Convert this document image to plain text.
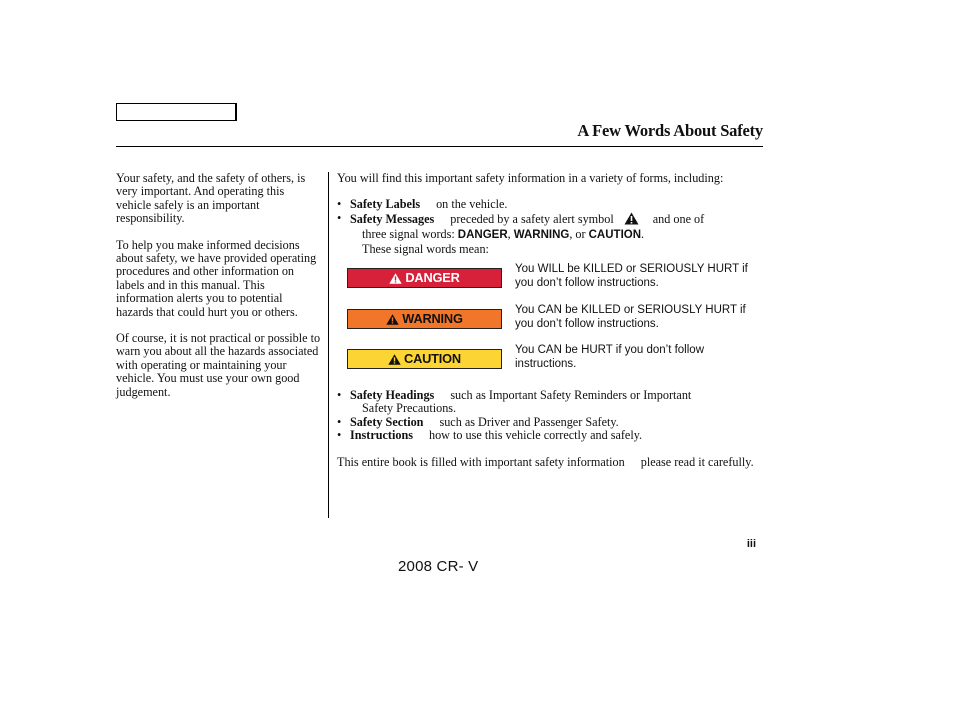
A Few Words About Safety

Your safety, and the safety of others, is very important. And operating this vehicle safely is an important responsibility.

To help you make informed decisions about safety, we have provided operating procedures and other information on labels and in this manual. This information alerts you to potential hazards that could hurt you or others.

Of course, it is not practical or possible to warn you about all the hazards associated with operating or maintaining your vehicle. You must use your own good judgement.

You will find this important safety information in a variety of forms, including:

• Safety Labels on the vehicle.
• Safety Messages preceded by a safety alert symbol	and one of
three signal words: DANGER, WARNING, or CAUTION.
These signal words mean:
DANGER
You WILL be KILLED or SERIOUSLY HURT if you don’t follow instructions.
WARNING
You CAN be KILLED or SERIOUSLY HURT if you don’t follow instructions.
CAUTION
You CAN be HURT if you don’t follow instructions.
• Safety Headings such as Important Safety Reminders or Important
Safety Precautions.
• Safety Section such as Driver and Passenger Safety.
• Instructions how to use this vehicle correctly and safely.

This entire book is filled with important safety information please read it carefully.

iii
2008 CR- V
